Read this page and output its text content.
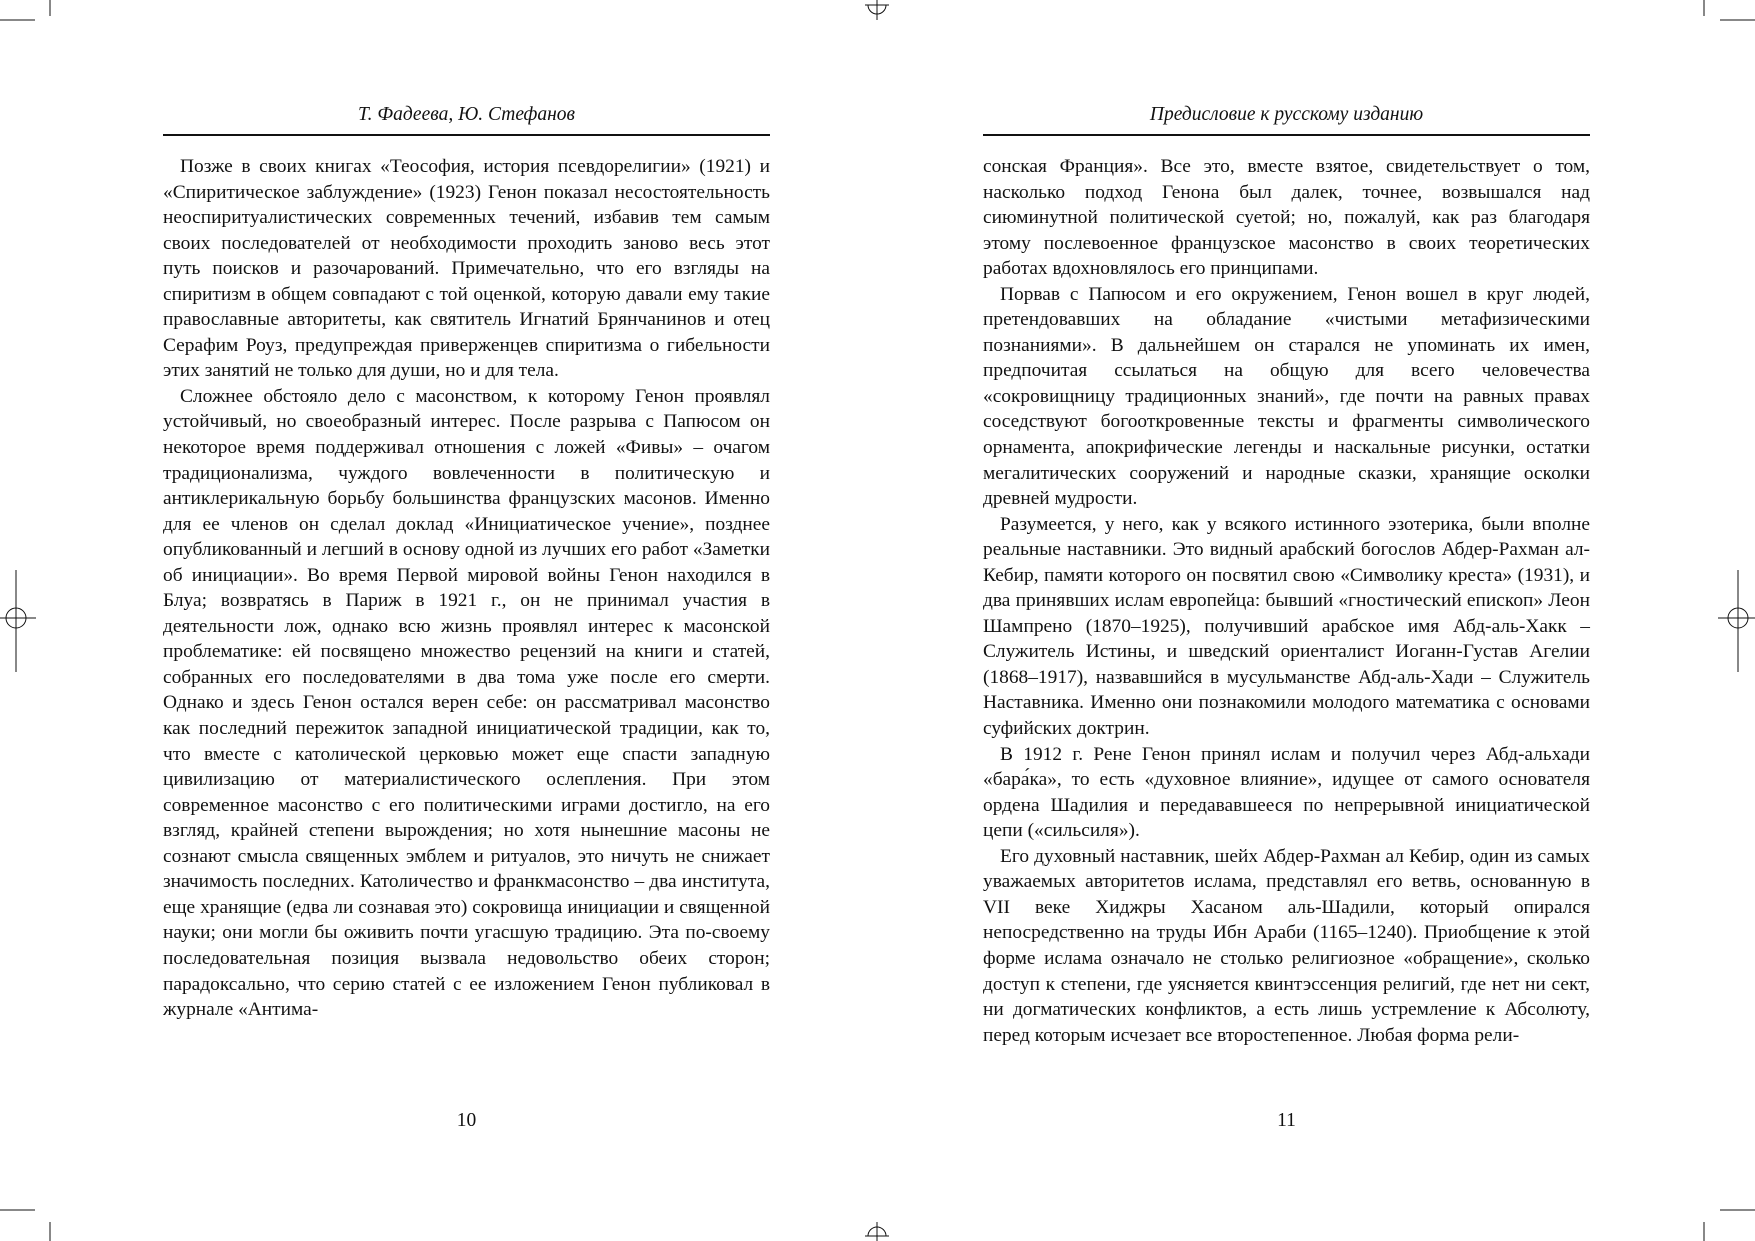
Т. Фадеева, Ю. Стефанов

Позже в своих книгах «Теософия, история псевдорелигии» (1921) и «Спиритическое заблуждение» (1923) Генон показал несостоятельность неоспиритуалистических современных течений, избавив тем самым своих последователей от необходимости проходить заново весь этот путь поисков и разочарований. Примечательно, что его взгляды на спиритизм в общем совпадают с той оценкой, которую давали ему такие православные авторитеты, как святитель Игнатий Брянчанинов и отец Серафим Роуз, предупреждая приверженцев спиритизма о гибельности этих занятий не только для души, но и для тела.

Сложнее обстояло дело с масонством, к которому Генон проявлял устойчивый, но своеобразный интерес. После разрыва с Папюсом он некоторое время поддерживал отношения с ложей «Фивы» – очагом традиционализма, чуждого вовлеченности в политическую и антиклерикальную борьбу большинства французских масонов. Именно для ее членов он сделал доклад «Инициатическое учение», позднее опубликованный и легший в основу одной из лучших его работ «Заметки об инициации». Во время Первой мировой войны Генон находился в Блуа; возвратясь в Париж в 1921 г., он не принимал участия в деятельности лож, однако всю жизнь проявлял интерес к масонской проблематике: ей посвящено множество рецензий на книги и статей, собранных его последователями в два тома уже после его смерти. Однако и здесь Генон остался верен себе: он рассматривал масонство как последний пережиток западной инициатической традиции, как то, что вместе с католической церковью может еще спасти западную цивилизацию от материалистического ослепления. При этом современное масонство с его политическими играми достигло, на его взгляд, крайней степени вырождения; но хотя нынешние масоны не сознают смысла священных эмблем и ритуалов, это ничуть не снижает значимость последних. Католичество и франкмасонство – два института, еще хранящие (едва ли сознавая это) сокровища инициации и священной науки; они могли бы оживить почти угасшую традицию. Эта по-своему последовательная позиция вызвала недовольство обеих сторон; парадоксально, что серию статей с ее изложением Генон публиковал в журнале «Антима-

10
Предисловие к русскому изданию

сонская Франция». Все это, вместе взятое, свидетельствует о том, насколько подход Генона был далек, точнее, возвышался над сиюминутной политической суетой; но, пожалуй, как раз благодаря этому послевоенное французское масонство в своих теоретических работах вдохновлялось его принципами.

Порвав с Папюсом и его окружением, Генон вошел в круг людей, претендовавших на обладание «чистыми метафизическими познаниями». В дальнейшем он старался не упоминать их имен, предпочитая ссылаться на общую для всего человечества «сокровищницу традиционных знаний», где почти на равных правах соседствуют богооткровенные тексты и фрагменты символического орнамента, апокрифические легенды и наскальные рисунки, остатки мегалитических сооружений и народные сказки, хранящие осколки древней мудрости.

Разумеется, у него, как у всякого истинного эзотерика, были вполне реальные наставники. Это видный арабский богослов Абдер-Рахман ал-Кебир, памяти которого он посвятил свою «Символику креста» (1931), и два принявших ислам европейца: бывший «гностический епископ» Леон Шампрено (1870–1925), получивший арабское имя Абд-аль-Хакк – Служитель Истины, и шведский ориенталист Иоганн-Густав Агелии (1868–1917), назвавшийся в мусульманстве Абд-аль-Хади – Служитель Наставника. Именно они познакомили молодого математика с основами суфийских доктрин.

В 1912 г. Рене Генон принял ислам и получил через Абд-альхади «бара́ка», то есть «духовное влияние», идущее от самого основателя ордена Шадилия и передававшееся по непрерывной инициатической цепи («сильсиля»).

Его духовный наставник, шейх Абдер-Рахман ал Кебир, один из самых уважаемых авторитетов ислама, представлял его ветвь, основанную в VII веке Хиджры Хасаном аль-Шадили, который опирался непосредственно на труды Ибн Араби (1165–1240). Приобщение к этой форме ислама означало не столько религиозное «обращение», сколько доступ к степени, где уясняется квинтэссенция религий, где нет ни сект, ни догматических конфликтов, а есть лишь устремление к Абсолюту, перед которым исчезает все второстепенное. Любая форма рели-

11
